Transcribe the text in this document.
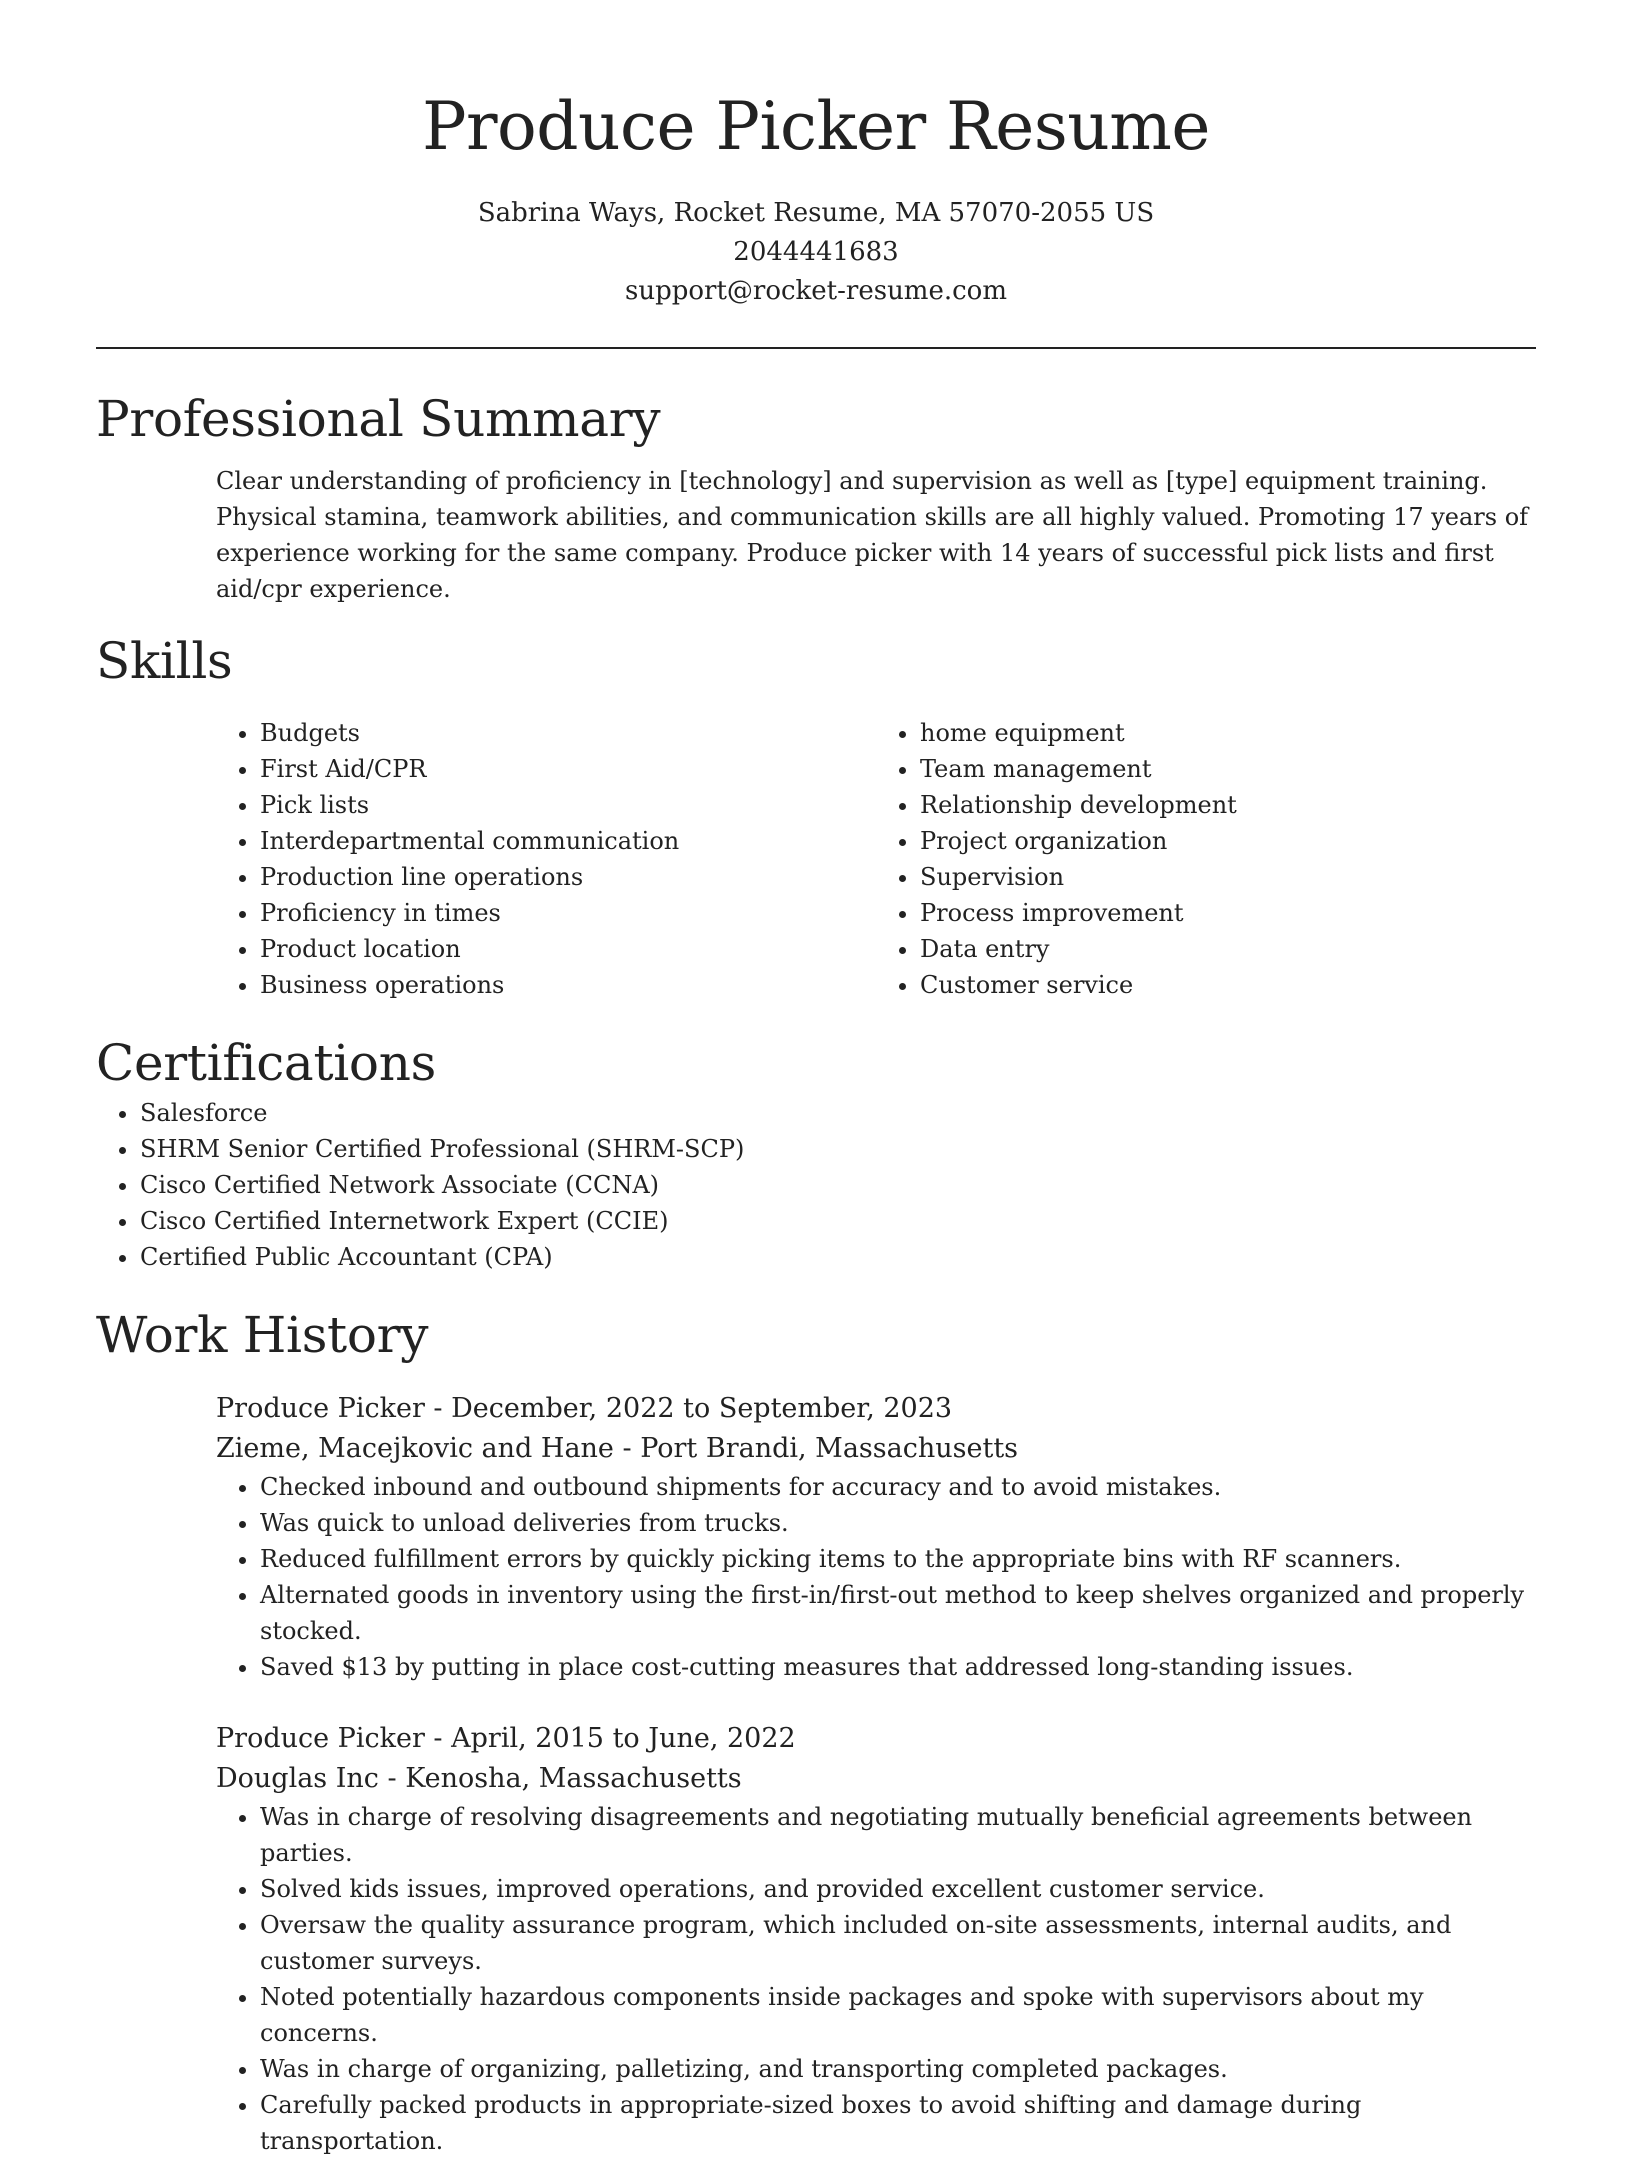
Produce Picker Resume
Sabrina Ways, Rocket Resume, MA 57070-2055 US
2044441683
support@rocket-resume.com
Professional Summary

Clear understanding of proficiency in [technology] and supervision as well as [type] equipment training. Physical stamina, teamwork abilities, and communication skills are all highly valued. Promoting 17 years of experience working for the same company. Produce picker with 14 years of successful pick lists and first aid/cpr experience.

Skills
• Budgets
• First Aid/CPR
• Pick lists
• Interdepartmental communication
• Production line operations
• Proficiency in times
• Product location
• Business operations
• home equipment
• Team management
• Relationship development
• Project organization
• Supervision
• Process improvement
• Data entry
• Customer service
Certifications
• Salesforce
• SHRM Senior Certified Professional (SHRM-SCP)
• Cisco Certified Network Associate (CCNA)
• Cisco Certified Internetwork Expert (CCIE)
• Certified Public Accountant (CPA)
Work History
Produce Picker - December, 2022 to September, 2023
Zieme, Macejkovic and Hane - Port Brandi, Massachusetts
• Checked inbound and outbound shipments for accuracy and to avoid mistakes.
• Was quick to unload deliveries from trucks.
• Reduced fulfillment errors by quickly picking items to the appropriate bins with RF scanners.
• Alternated goods in inventory using the first-in/first-out method to keep shelves organized and properly stocked.
• Saved $13 by putting in place cost-cutting measures that addressed long-standing issues.
Produce Picker - April, 2015 to June, 2022
Douglas Inc - Kenosha, Massachusetts
• Was in charge of resolving disagreements and negotiating mutually beneficial agreements between parties.
• Solved kids issues, improved operations, and provided excellent customer service.
• Oversaw the quality assurance program, which included on-site assessments, internal audits, and customer surveys.
• Noted potentially hazardous components inside packages and spoke with supervisors about my concerns.
• Was in charge of organizing, palletizing, and transporting completed packages.
• Carefully packed products in appropriate-sized boxes to avoid shifting and damage during transportation.
